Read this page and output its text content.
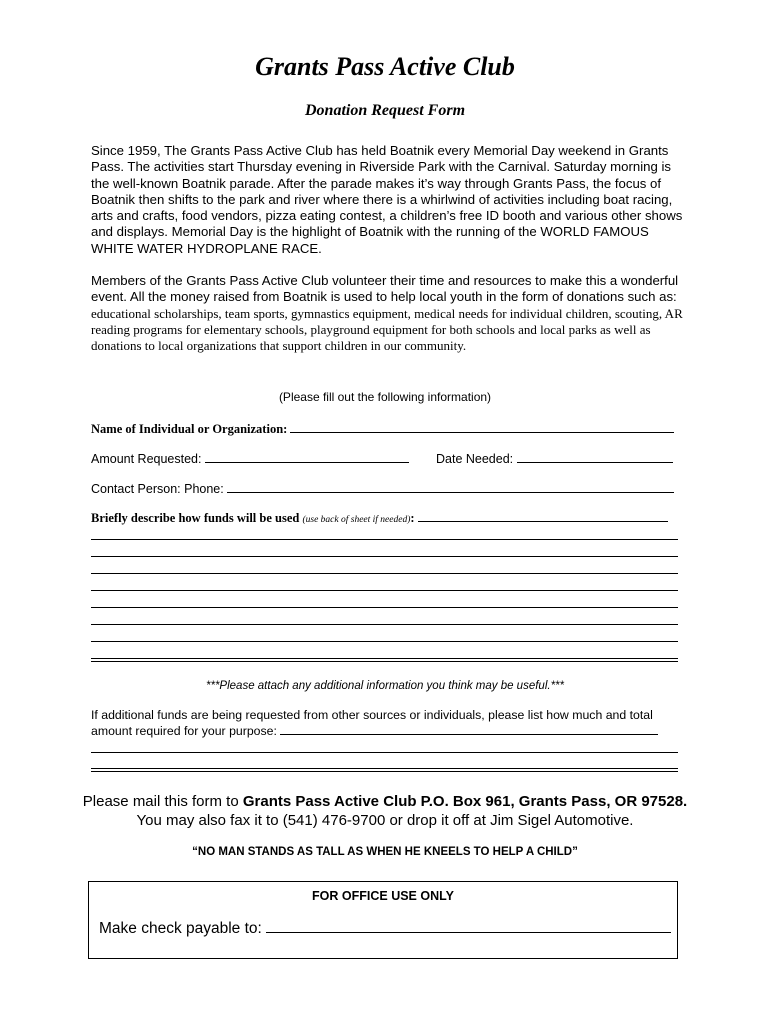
Grants Pass Active Club
Donation Request Form

Since 1959, The Grants Pass Active Club has held Boatnik every Memorial Day weekend in Grants Pass. The activities start Thursday evening in Riverside Park with the Carnival. Saturday morning is the well-known Boatnik parade. After the parade makes it’s way through Grants Pass, the focus of Boatnik then shifts to the park and river where there is a whirlwind of activities including boat racing, arts and crafts, food vendors, pizza eating contest, a children’s free ID booth and various other shows and displays. Memorial Day is the highlight of Boatnik with the running of the WORLD FAMOUS WHITE WATER HYDROPLANE RACE.

Members of the Grants Pass Active Club volunteer their time and resources to make this a wonderful event. All the money raised from Boatnik is used to help local youth in the form of donations such as: educational scholarships, team sports, gymnastics equipment, medical needs for individual children, scouting, AR reading programs for elementary schools, playground equipment for both schools and local parks as well as donations to local organizations that support children in our community.

(Please fill out the following information)
Name of Individual or Organization:
Amount Requested:	Date Needed:
Contact Person: Phone:
Briefly describe how funds will be used (use back of sheet if needed):
***Please attach any additional information you think may be useful.***

If additional funds are being requested from other sources or individuals, please list how much and total amount required for your purpose:

Please mail this form to Grants Pass Active Club P.O. Box 961, Grants Pass, OR 97528.
You may also fax it to (541) 476-9700 or drop it off at Jim Sigel Automotive.
“NO MAN STANDS AS TALL AS WHEN HE KNEELS TO HELP A CHILD”
FOR OFFICE USE ONLY
Make check payable to:
